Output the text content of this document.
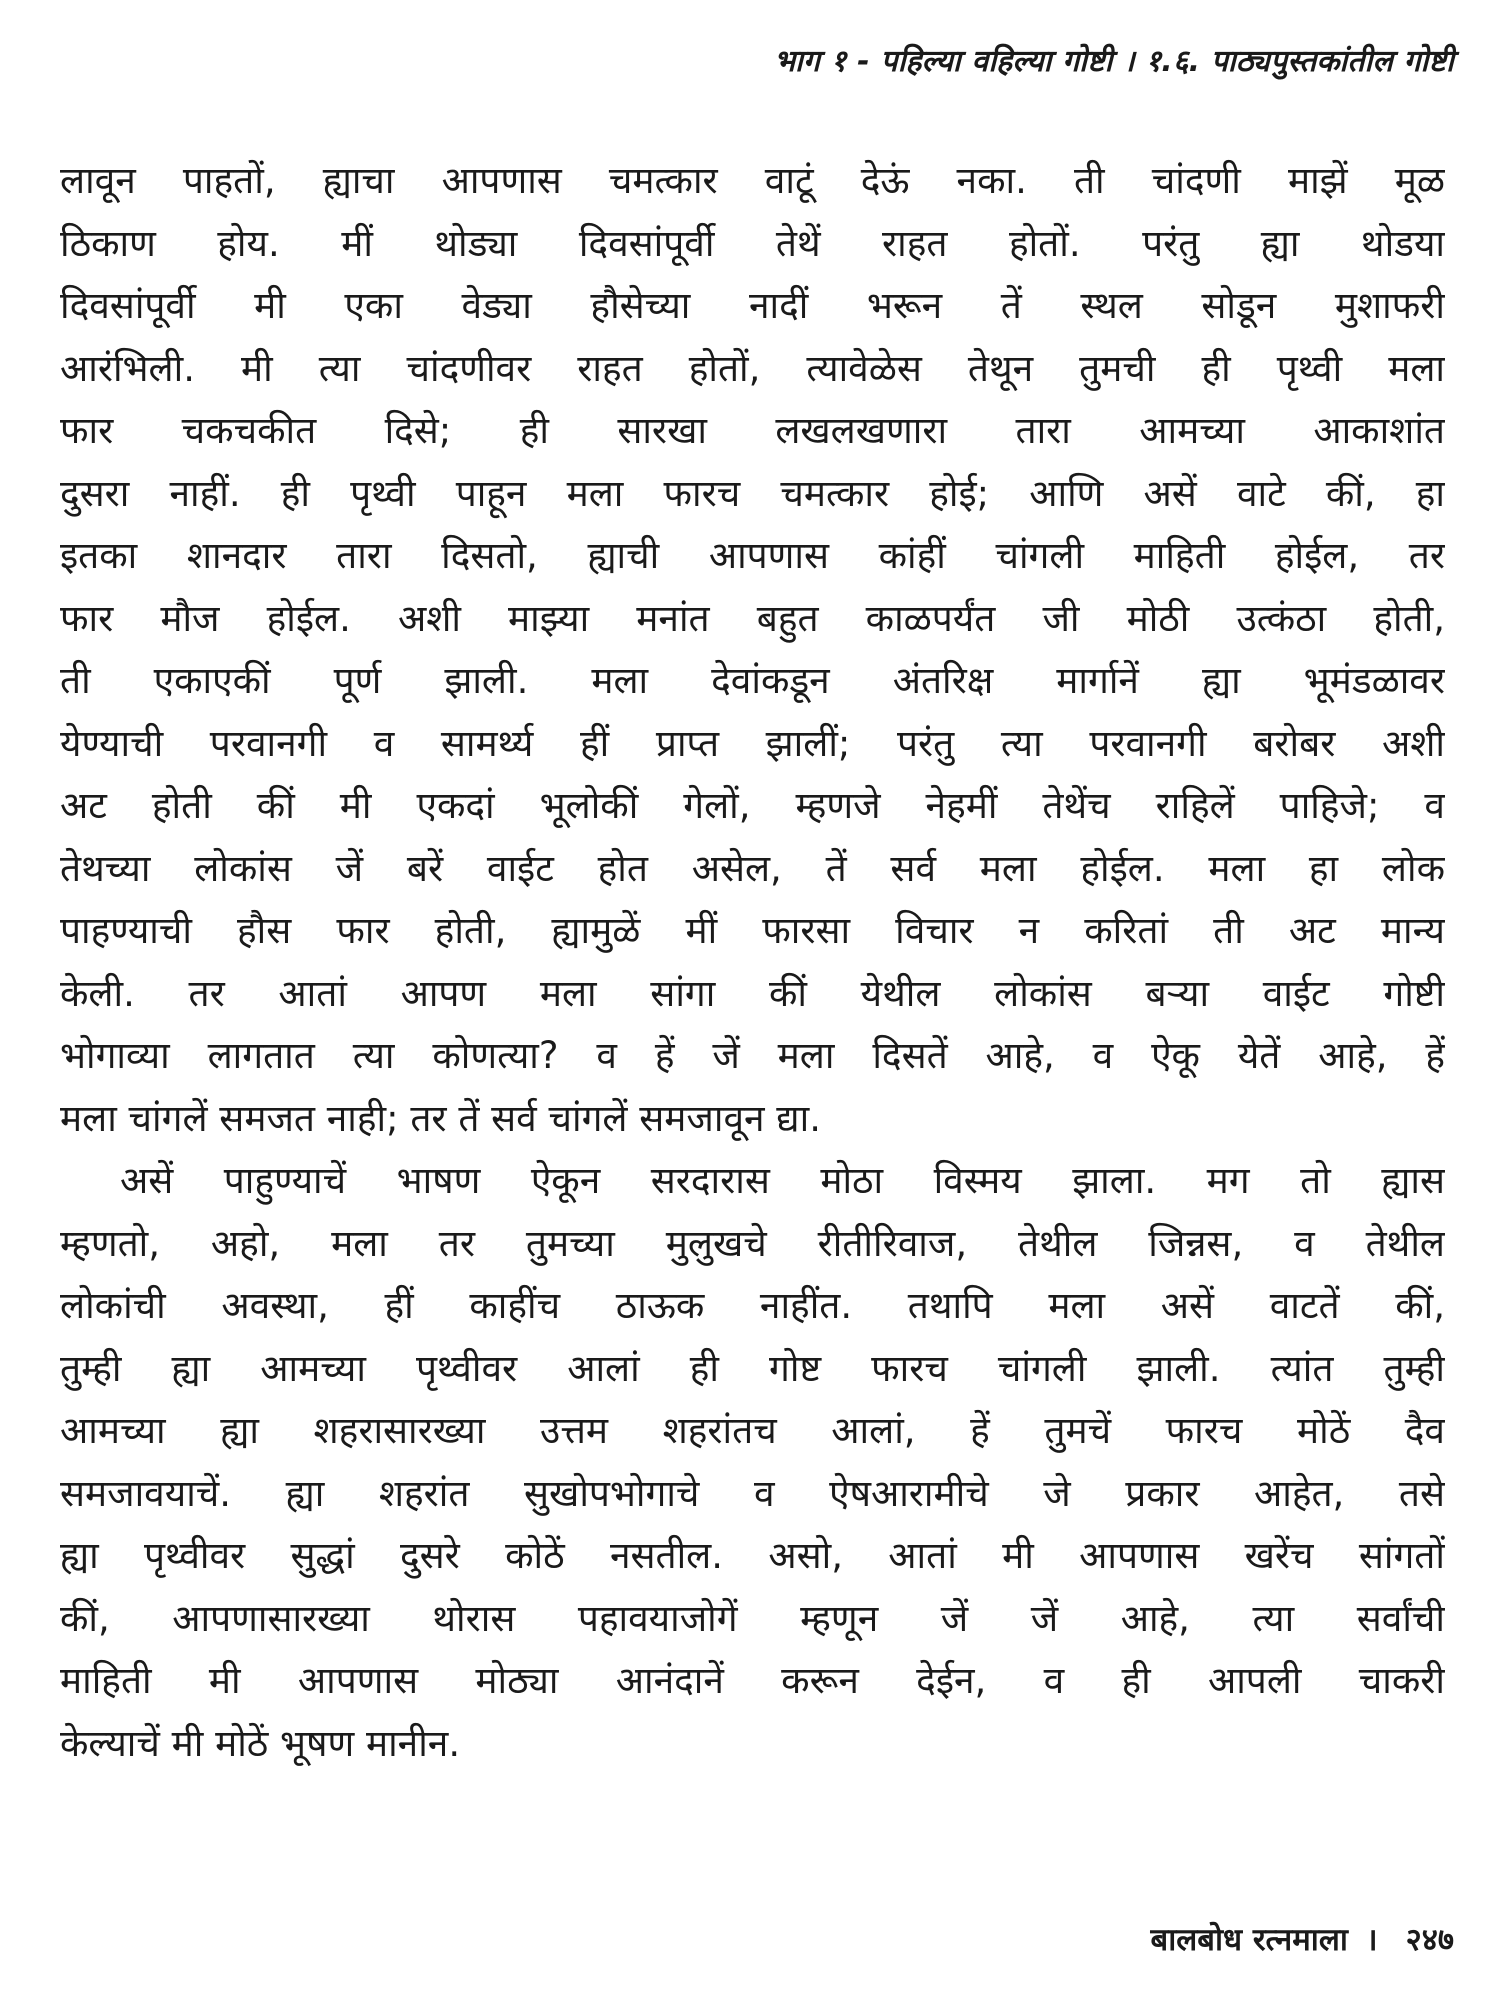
भाग १ - पहिल्या वहिल्या गोष्टी । १.६. पाठ्यपुस्तकांतील गोष्टी
लावून पाहतों, ह्याचा आपणास चमत्कार वाटूं देऊं नका. ती चांदणी माझें मूळ
ठिकाण होय. मीं थोड्या दिवसांपूर्वी तेथें राहत होतों. परंतु ह्या थोडया
दिवसांपूर्वी मी एका वेड्या हौसेच्या नादीं भरून तें स्थल सोडून मुशाफरी
आरंभिली. मी त्या चांदणीवर राहत होतों, त्यावेळेस तेथून तुमची ही पृथ्वी मला
फार चकचकीत दिसे; ही सारखा लखलखणारा तारा आमच्या आकाशांत
दुसरा नाहीं. ही पृथ्वी पाहून मला फारच चमत्कार होई; आणि असें वाटे कीं, हा
इतका शानदार तारा दिसतो, ह्याची आपणास कांहीं चांगली माहिती होईल, तर
फार मौज होईल. अशी माझ्या मनांत बहुत काळपर्यंत जी मोठी उत्कंठा होती,
ती एकाएकीं पूर्ण झाली. मला देवांकडून अंतरिक्ष मार्गानें ह्या भूमंडळावर
येण्याची परवानगी व सामर्थ्य हीं प्राप्त झालीं; परंतु त्या परवानगी बरोबर अशी
अट होती कीं मी एकदां भूलोकीं गेलों, म्हणजे नेहमीं तेथेंच राहिलें पाहिजे; व
तेथच्या लोकांस जें बरें वाईट होत असेल, तें सर्व मला होईल. मला हा लोक
पाहण्याची हौस फार होती, ह्यामुळें मीं फारसा विचार न करितां ती अट मान्य
केली. तर आतां आपण मला सांगा कीं येथील लोकांस बऱ्या वाईट गोष्टी
भोगाव्या लागतात त्या कोणत्या? व हें जें मला दिसतें आहे, व ऐकू येतें आहे, हें
मला चांगलें समजत नाही; तर तें सर्व चांगलें समजावून द्या.
असें पाहुण्याचें भाषण ऐकून सरदारास मोठा विस्मय झाला. मग तो ह्यास
म्हणतो, अहो, मला तर तुमच्या मुलुखचे रीतीरिवाज, तेथील जिन्नस, व तेथील
लोकांची अवस्था, हीं काहींच ठाऊक नाहींत. तथापि मला असें वाटतें कीं,
तुम्ही ह्या आमच्या पृथ्वीवर आलां ही गोष्ट फारच चांगली झाली. त्यांत तुम्ही
आमच्या ह्या शहरासारख्या उत्तम शहरांतच आलां, हें तुमचें फारच मोठें दैव
समजावयाचें. ह्या शहरांत सुखोपभोगाचे व ऐषआरामीचे जे प्रकार आहेत, तसे
ह्या पृथ्वीवर सुद्धां दुसरे कोठें नसतील. असो, आतां मी आपणास खरेंच सांगतों
कीं, आपणासारख्या थोरास पहावयाजोगें म्हणून जें जें आहे, त्या सर्वांची
माहिती मी आपणास मोठ्या आनंदानें करून देईन, व ही आपली चाकरी
केल्याचें मी मोठें भूषण मानीन.
बालबोध रत्नमाला । २४७
